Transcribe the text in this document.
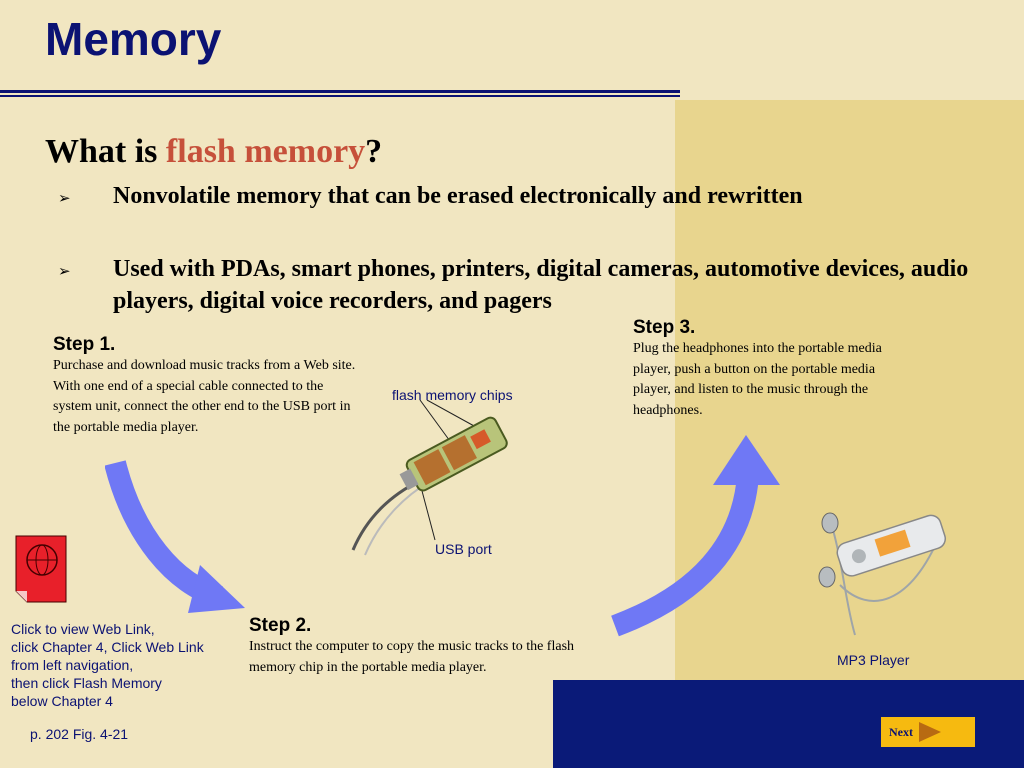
Memory
What is flash memory?
➢ Nonvolatile memory that can be erased electronically and rewritten

➢ Used with PDAs, smart phones, printers, digital cameras, automotive devices, audio players, digital voice recorders, and pagers

Step 1.

Purchase and download music tracks from a Web site. With one end of a special cable connected to the system unit, connect the other end to the USB port in the portable media player.

Step 2.

Instruct the computer to copy the music tracks to the flash memory chip in the portable media player.

Step 3.

Plug the headphones into the portable media player, push a button on the portable media player, and listen to the music through the headphones.

flash memory chips
USB port
MP3 Player

Click to view Web Link,
click Chapter 4, Click Web Link
from left navigation,
then click Flash Memory
below Chapter 4

p. 202 Fig. 4-21	Next
